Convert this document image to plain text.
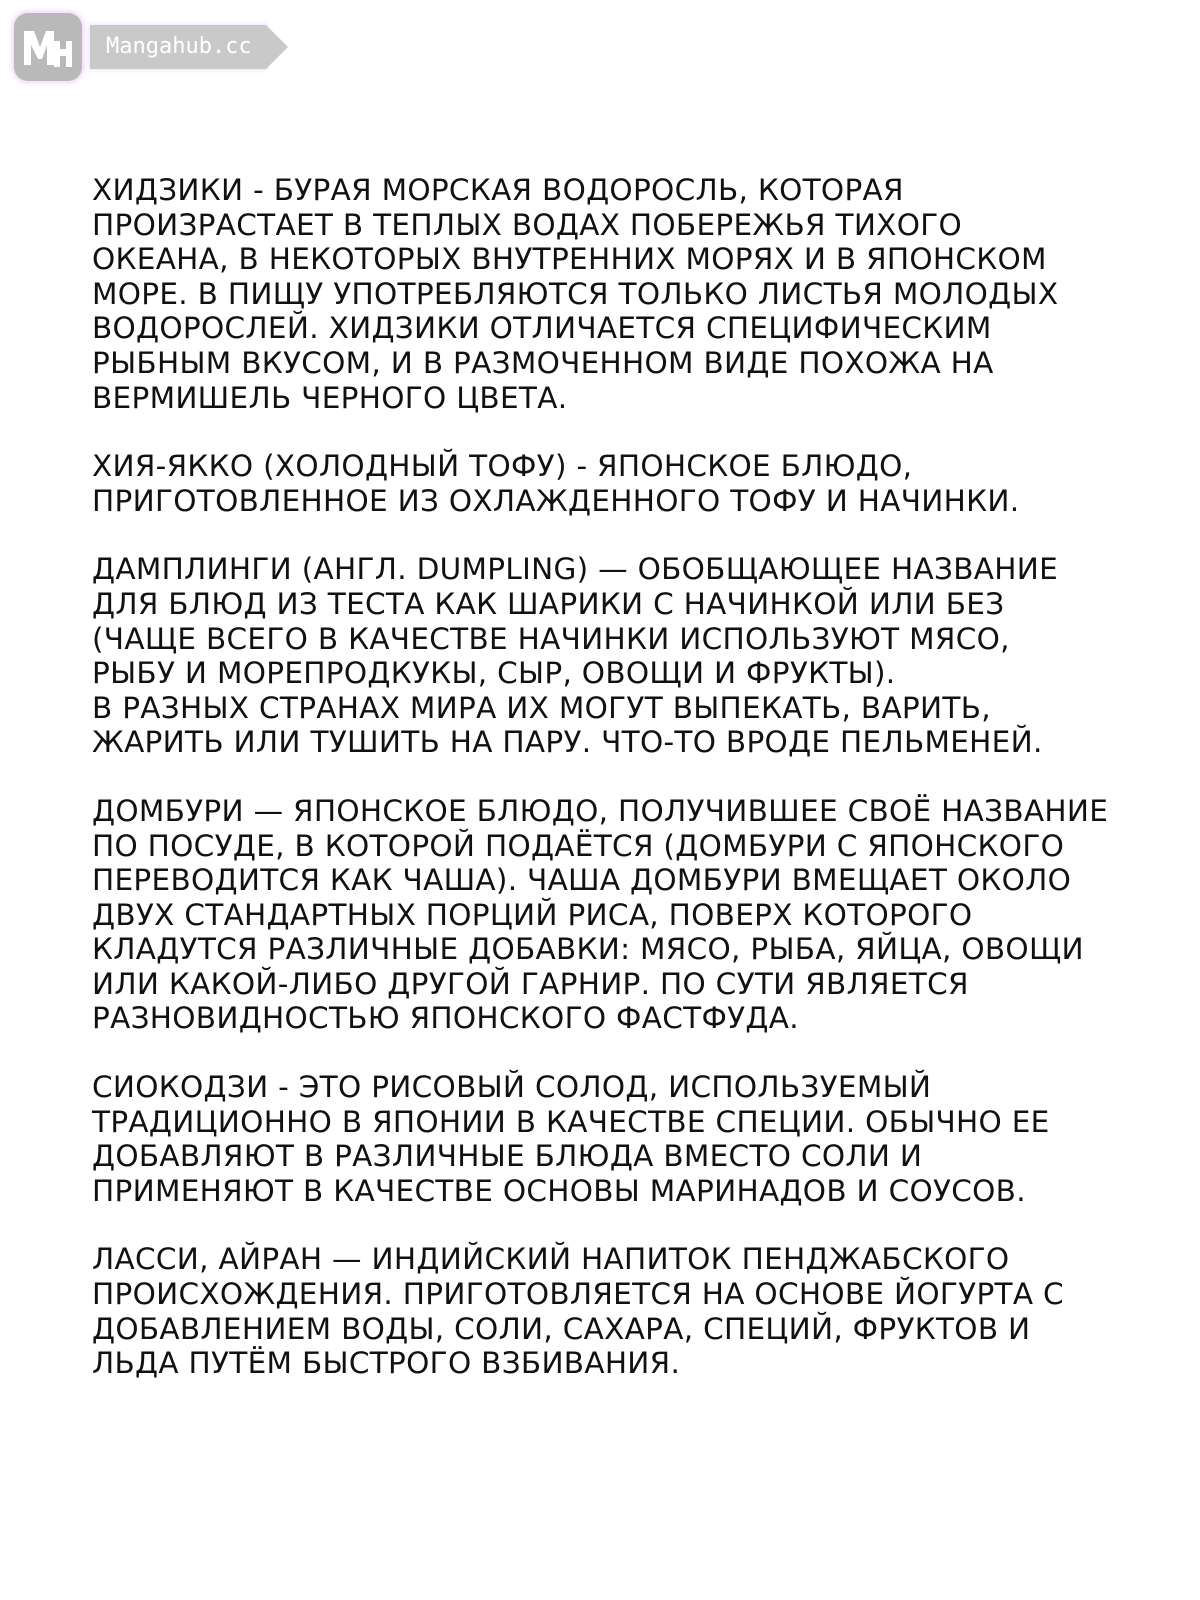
Mangahub.cc

ХИДЗИКИ - БУРАЯ МОРСКАЯ ВОДОРОСЛЬ, КОТОРАЯ
ПРОИЗРАСТАЕТ В ТЕПЛЫХ ВОДАХ ПОБЕРЕЖЬЯ ТИХОГО
ОКЕАНА, В НЕКОТОРЫХ ВНУТРЕННИХ МОРЯХ И В ЯПОНСКОМ
МОРЕ. В ПИЩУ УПОТРЕБЛЯЮТСЯ ТОЛЬКО ЛИСТЬЯ МОЛОДЫХ
ВОДОРОСЛЕЙ. ХИДЗИКИ ОТЛИЧАЕТСЯ СПЕЦИФИЧЕСКИМ
РЫБНЫМ ВКУСОМ, И В РАЗМОЧЕННОМ ВИДЕ ПОХОЖА НА
ВЕРМИШЕЛЬ ЧЕРНОГО ЦВЕТА.

ХИЯ-ЯККО (ХОЛОДНЫЙ ТОФУ) - ЯПОНСКОЕ БЛЮДО,
ПРИГОТОВЛЕННОЕ ИЗ ОХЛАЖДЕННОГО ТОФУ И НАЧИНКИ.

ДАМПЛИНГИ (АНГЛ. DUMPLING) — ОБОБЩАЮЩЕЕ НАЗВАНИЕ
ДЛЯ БЛЮД ИЗ ТЕСТА КАК ШАРИКИ С НАЧИНКОЙ ИЛИ БЕЗ
(ЧАЩЕ ВСЕГО В КАЧЕСТВЕ НАЧИНКИ ИСПОЛЬЗУЮТ МЯСО,
РЫБУ И МОРЕПРОДКУКЫ, СЫР, ОВОЩИ И ФРУКТЫ).
В РАЗНЫХ СТРАНАХ МИРА ИХ МОГУТ ВЫПЕКАТЬ, ВАРИТЬ,
ЖАРИТЬ ИЛИ ТУШИТЬ НА ПАРУ. ЧТО-ТО ВРОДЕ ПЕЛЬМЕНЕЙ.

ДОМБУРИ — ЯПОНСКОЕ БЛЮДО, ПОЛУЧИВШЕЕ СВОЁ НАЗВАНИЕ
ПО ПОСУДЕ, В КОТОРОЙ ПОДАЁТСЯ (ДОМБУРИ С ЯПОНСКОГО
ПЕРЕВОДИТСЯ КАК ЧАША). ЧАША ДОМБУРИ ВМЕЩАЕТ ОКОЛО
ДВУХ СТАНДАРТНЫХ ПОРЦИЙ РИСА, ПОВЕРХ КОТОРОГО
КЛАДУТСЯ РАЗЛИЧНЫЕ ДОБАВКИ: МЯСО, РЫБА, ЯЙЦА, ОВОЩИ
ИЛИ КАКОЙ-ЛИБО ДРУГОЙ ГАРНИР. ПО СУТИ ЯВЛЯЕТСЯ
РАЗНОВИДНОСТЬЮ ЯПОНСКОГО ФАСТФУДА.

СИОКОДЗИ - ЭТО РИСОВЫЙ СОЛОД, ИСПОЛЬЗУЕМЫЙ
ТРАДИЦИОННО В ЯПОНИИ В КАЧЕСТВЕ СПЕЦИИ. ОБЫЧНО ЕЕ
ДОБАВЛЯЮТ В РАЗЛИЧНЫЕ БЛЮДА ВМЕСТО СОЛИ И
ПРИМЕНЯЮТ В КАЧЕСТВЕ ОСНОВЫ МАРИНАДОВ И СОУСОВ.

ЛАССИ, АЙРАН — ИНДИЙСКИЙ НАПИТОК ПЕНДЖАБСКОГО
ПРОИСХОЖДЕНИЯ. ПРИГОТОВЛЯЕТСЯ НА ОСНОВЕ ЙОГУРТА С
ДОБАВЛЕНИЕМ ВОДЫ, СОЛИ, САХАРА, СПЕЦИЙ, ФРУКТОВ И
ЛЬДА ПУТЁМ БЫСТРОГО ВЗБИВАНИЯ.
